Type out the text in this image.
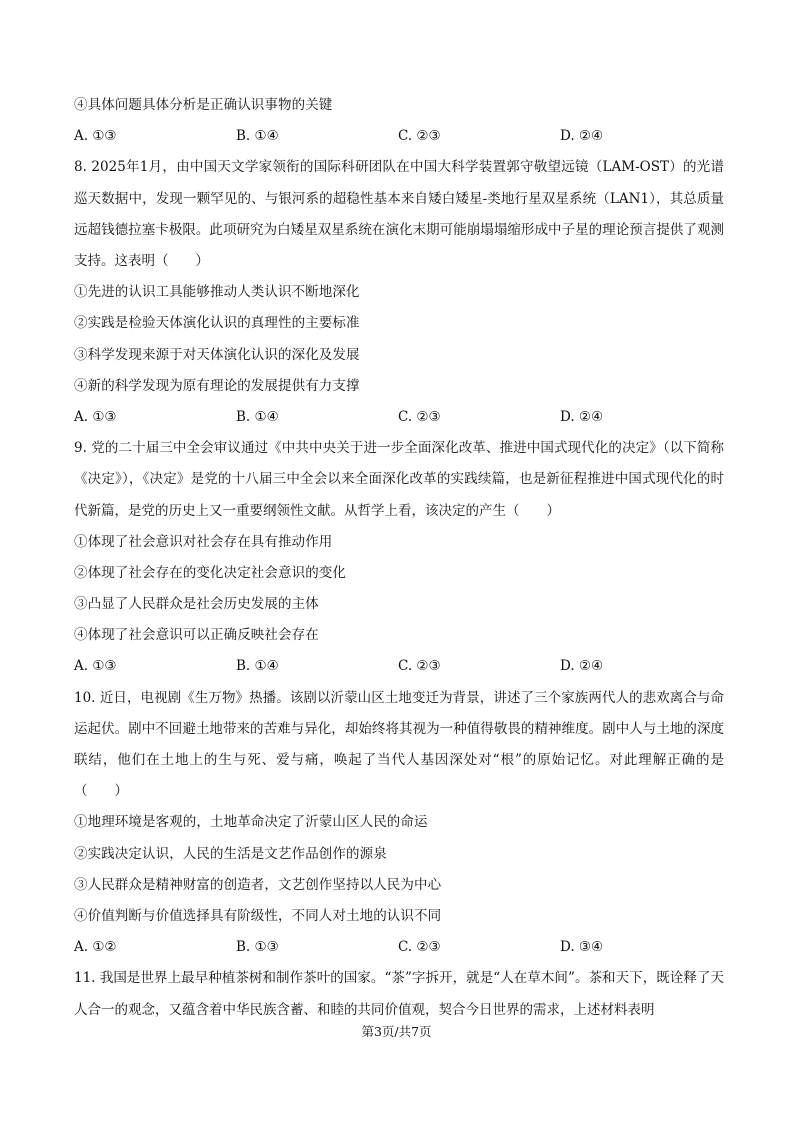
④具体问题具体分析是正确认识事物的关键
A. ①③	B. ①④	C. ②③	D. ②④
8. 2025年1月，由中国天文学家领衔的国际科研团队在中国大科学装置郭守敬望远镜（LAM-OST）的光谱巡天数据中，发现一颗罕见的、与银河系的超稳性基本来自矮白矮星-类地行星双星系统（LAN1），其总质量远超钱德拉塞卡极限。此项研究为白矮星双星系统在演化末期可能崩塌塌缩形成中子星的理论预言提供了观测支持。这表明（　　）
①先进的认识工具能够推动人类认识不断地深化
②实践是检验天体演化认识的真理性的主要标准
③科学发现来源于对天体演化认识的深化及发展
④新的科学发现为原有理论的发展提供有力支撑
A. ①③	B. ①④	C. ②③	D. ②④
9. 党的二十届三中全会审议通过《中共中央关于进一步全面深化改革、推进中国式现代化的决定》（以下简称《决定》），《决定》是党的十八届三中全会以来全面深化改革的实践续篇，也是新征程推进中国式现代化的时代新篇，是党的历史上又一重要纲领性文献。从哲学上看，该决定的产生（　　）
①体现了社会意识对社会存在具有推动作用
②体现了社会存在的变化决定社会意识的变化
③凸显了人民群众是社会历史发展的主体
④体现了社会意识可以正确反映社会存在
A. ①③	B. ①④	C. ②③	D. ②④
10. 近日，电视剧《生万物》热播。该剧以沂蒙山区土地变迁为背景，讲述了三个家族两代人的悲欢离合与命运起伏。剧中不回避土地带来的苦难与异化，却始终将其视为一种值得敬畏的精神维度。剧中人与土地的深度联结，他们在土地上的生与死、爱与痛，唤起了当代人基因深处对“根”的原始记忆。对此理解正确的是（　　）
①地理环境是客观的，土地革命决定了沂蒙山区人民的命运
②实践决定认识，人民的生活是文艺作品创作的源泉
③人民群众是精神财富的创造者，文艺创作坚持以人民为中心
④价值判断与价值选择具有阶级性，不同人对土地的认识不同
A. ①②	B. ①③	C. ②③	D. ③④
11. 我国是世界上最早种植茶树和制作茶叶的国家。“茶”字拆开，就是“人在草木间”。茶和天下，既诠释了天人合一的观念，又蕴含着中华民族含蓄、和睦的共同价值观，契合今日世界的需求，上述材料表明
第3页/共7页
